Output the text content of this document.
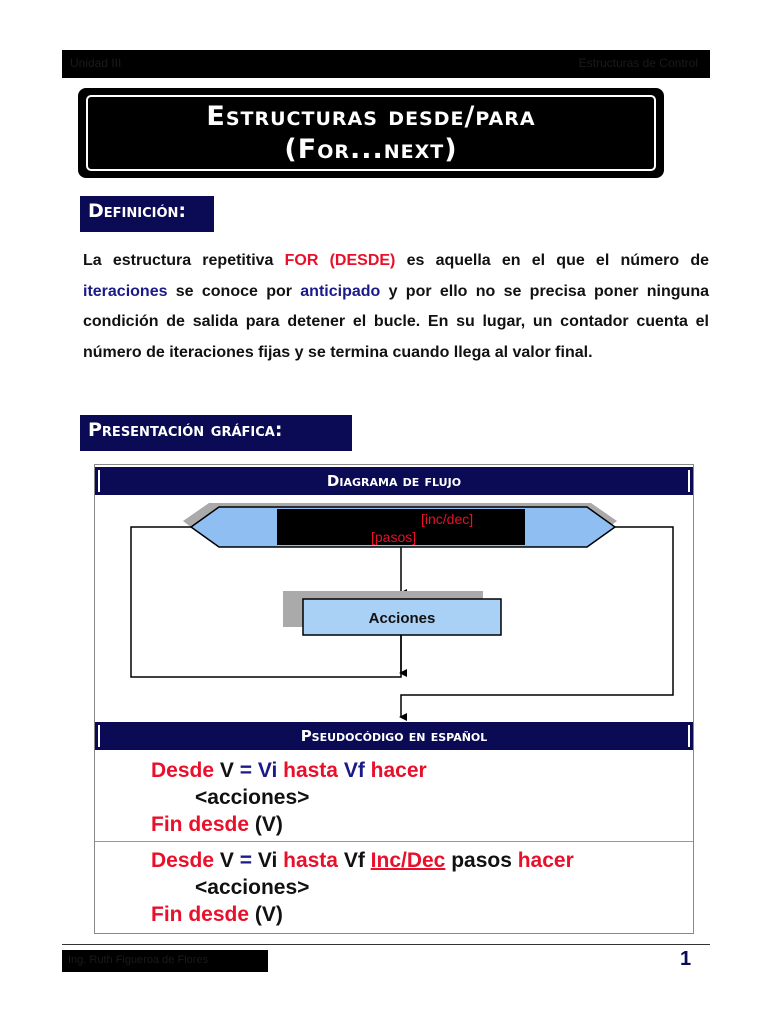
Unidad III	Estructuras de Control
Estructuras desde/para
(For...next)
Definición:

La estructura repetitiva FOR (DESDE) es aquella en el que el número de iteraciones se conoce por anticipado y por ello no se precisa poner ninguna condición de salida para detener el bucle. En su lugar, un contador cuenta el número de iteraciones fijas y se termina cuando llega al valor final.

Presentación gráfica:
Diagrama de flujo
[inc/dec]
[pasos]
Acciones
Pseudocódigo en español
Desde V = Vi hasta Vf hacer
<acciones>
Fin desde (V)
Desde V = Vi hasta Vf Inc/Dec pasos hacer
<acciones>
Fin desde (V)
Ing. Ruth Figueroa de Flores	1
